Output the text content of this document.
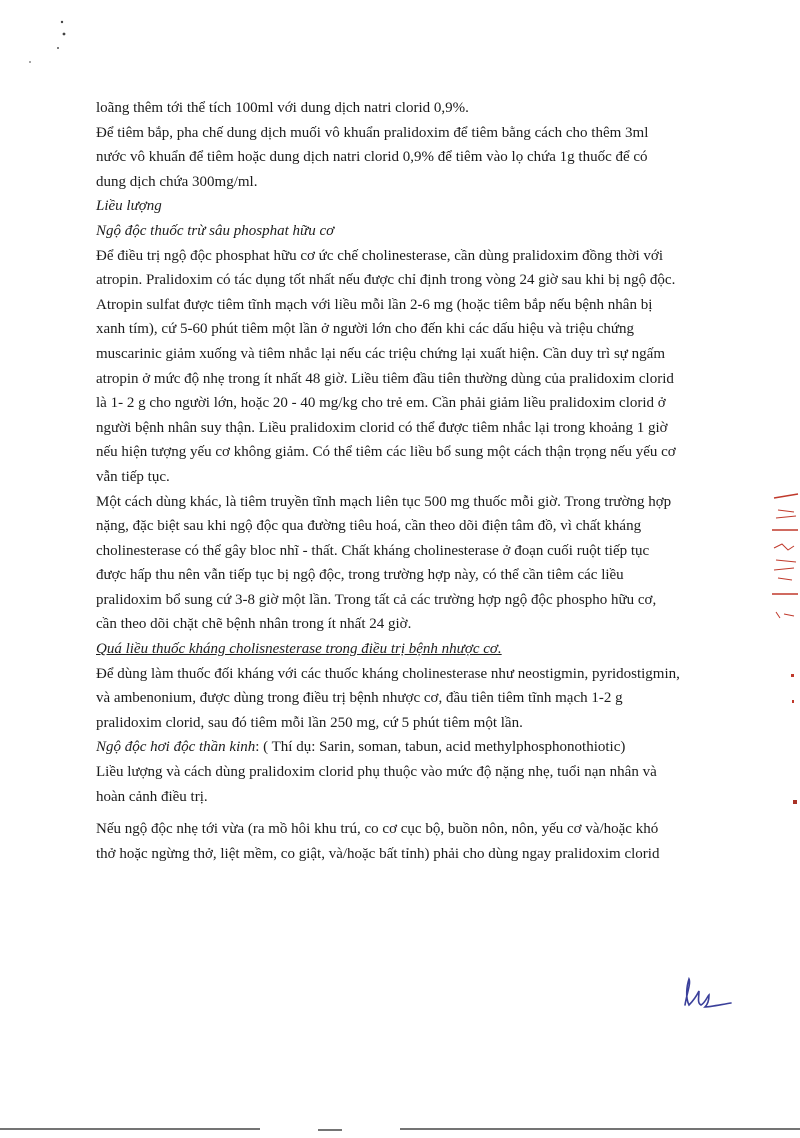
loãng thêm tới thể tích 100ml với dung dịch natri clorid 0,9%.

Để tiêm bắp, pha chế dung dịch muối vô khuẩn pralidoxim để tiêm bằng cách cho thêm 3ml

nước vô khuẩn để tiêm hoặc dung dịch natri clorid 0,9% để tiêm vào lọ chứa 1g thuốc để có

dung dịch chứa 300mg/ml.

Liều lượng

Ngộ độc thuốc trừ sâu phosphat hữu cơ

Để điều trị ngộ độc phosphat hữu cơ ức chế cholinesterase, cần dùng pralidoxim đồng thời với

atropin. Pralidoxim có tác dụng tốt nhất nếu được chỉ định trong vòng 24 giờ sau khi bị ngộ độc.

Atropin sulfat được tiêm tĩnh mạch với liều mỗi lần 2-6 mg (hoặc tiêm bắp nếu bệnh nhân bị

xanh tím), cứ 5-60 phút tiêm một lần ở người lớn cho đến khi các dấu hiệu và triệu chứng

muscarinic giảm xuống và tiêm nhắc lại nếu các triệu chứng lại xuất hiện. Cần duy trì sự ngấm

atropin ở mức độ nhẹ trong ít nhất 48 giờ. Liều tiêm đầu tiên thường dùng của pralidoxim clorid

là 1- 2 g cho người lớn, hoặc 20 - 40 mg/kg cho trẻ em. Cần phải giảm liều pralidoxim clorid ở

người bệnh nhân suy thận. Liều pralidoxim clorid có thể được tiêm nhắc lại trong khoảng 1 giờ

nếu hiện tượng yếu cơ không giảm. Có thể tiêm các liều bổ sung một cách thận trọng nếu yếu cơ

vẫn tiếp tục.

Một cách dùng khác, là tiêm truyền tĩnh mạch liên tục 500 mg thuốc mỗi giờ. Trong trường hợp

nặng, đặc biệt sau khi ngộ độc qua đường tiêu hoá, cần theo dõi điện tâm đồ, vì chất kháng

cholinesterase có thể gây bloc nhĩ - thất. Chất kháng cholinesterase ở đoạn cuối ruột tiếp tục

được hấp thu nên vẫn tiếp tục bị ngộ độc, trong trường hợp này, có thể cần tiêm các liều

pralidoxim bổ sung cứ 3-8 giờ một lần. Trong tất cả các trường hợp ngộ độc phospho hữu cơ,

cần theo dõi chặt chẽ bệnh nhân trong ít nhất 24 giờ.

Quá liều thuốc kháng cholisnesterase trong điều trị bệnh nhược cơ.

Để dùng làm thuốc đối kháng với các thuốc kháng cholinesterase như neostigmin, pyridostigmin,

và ambenonium, được dùng trong điều trị bệnh nhược cơ, đầu tiên tiêm tĩnh mạch 1-2 g

pralidoxim clorid, sau đó tiêm mỗi lần 250 mg, cứ 5 phút tiêm một lần.

Ngộ độc hơi độc thần kinh: ( Thí dụ: Sarin, soman, tabun, acid methylphosphonothiotic)

Liều lượng và cách dùng pralidoxim clorid phụ thuộc vào mức độ nặng nhẹ, tuổi nạn nhân và

hoàn cảnh điều trị.

Nếu ngộ độc nhẹ tới vừa (ra mồ hôi khu trú, co cơ cục bộ, buồn nôn, nôn, yếu cơ và/hoặc khó

thở hoặc ngừng thở, liệt mềm, co giật, và/hoặc bất tỉnh) phải cho dùng ngay pralidoxim clorid
